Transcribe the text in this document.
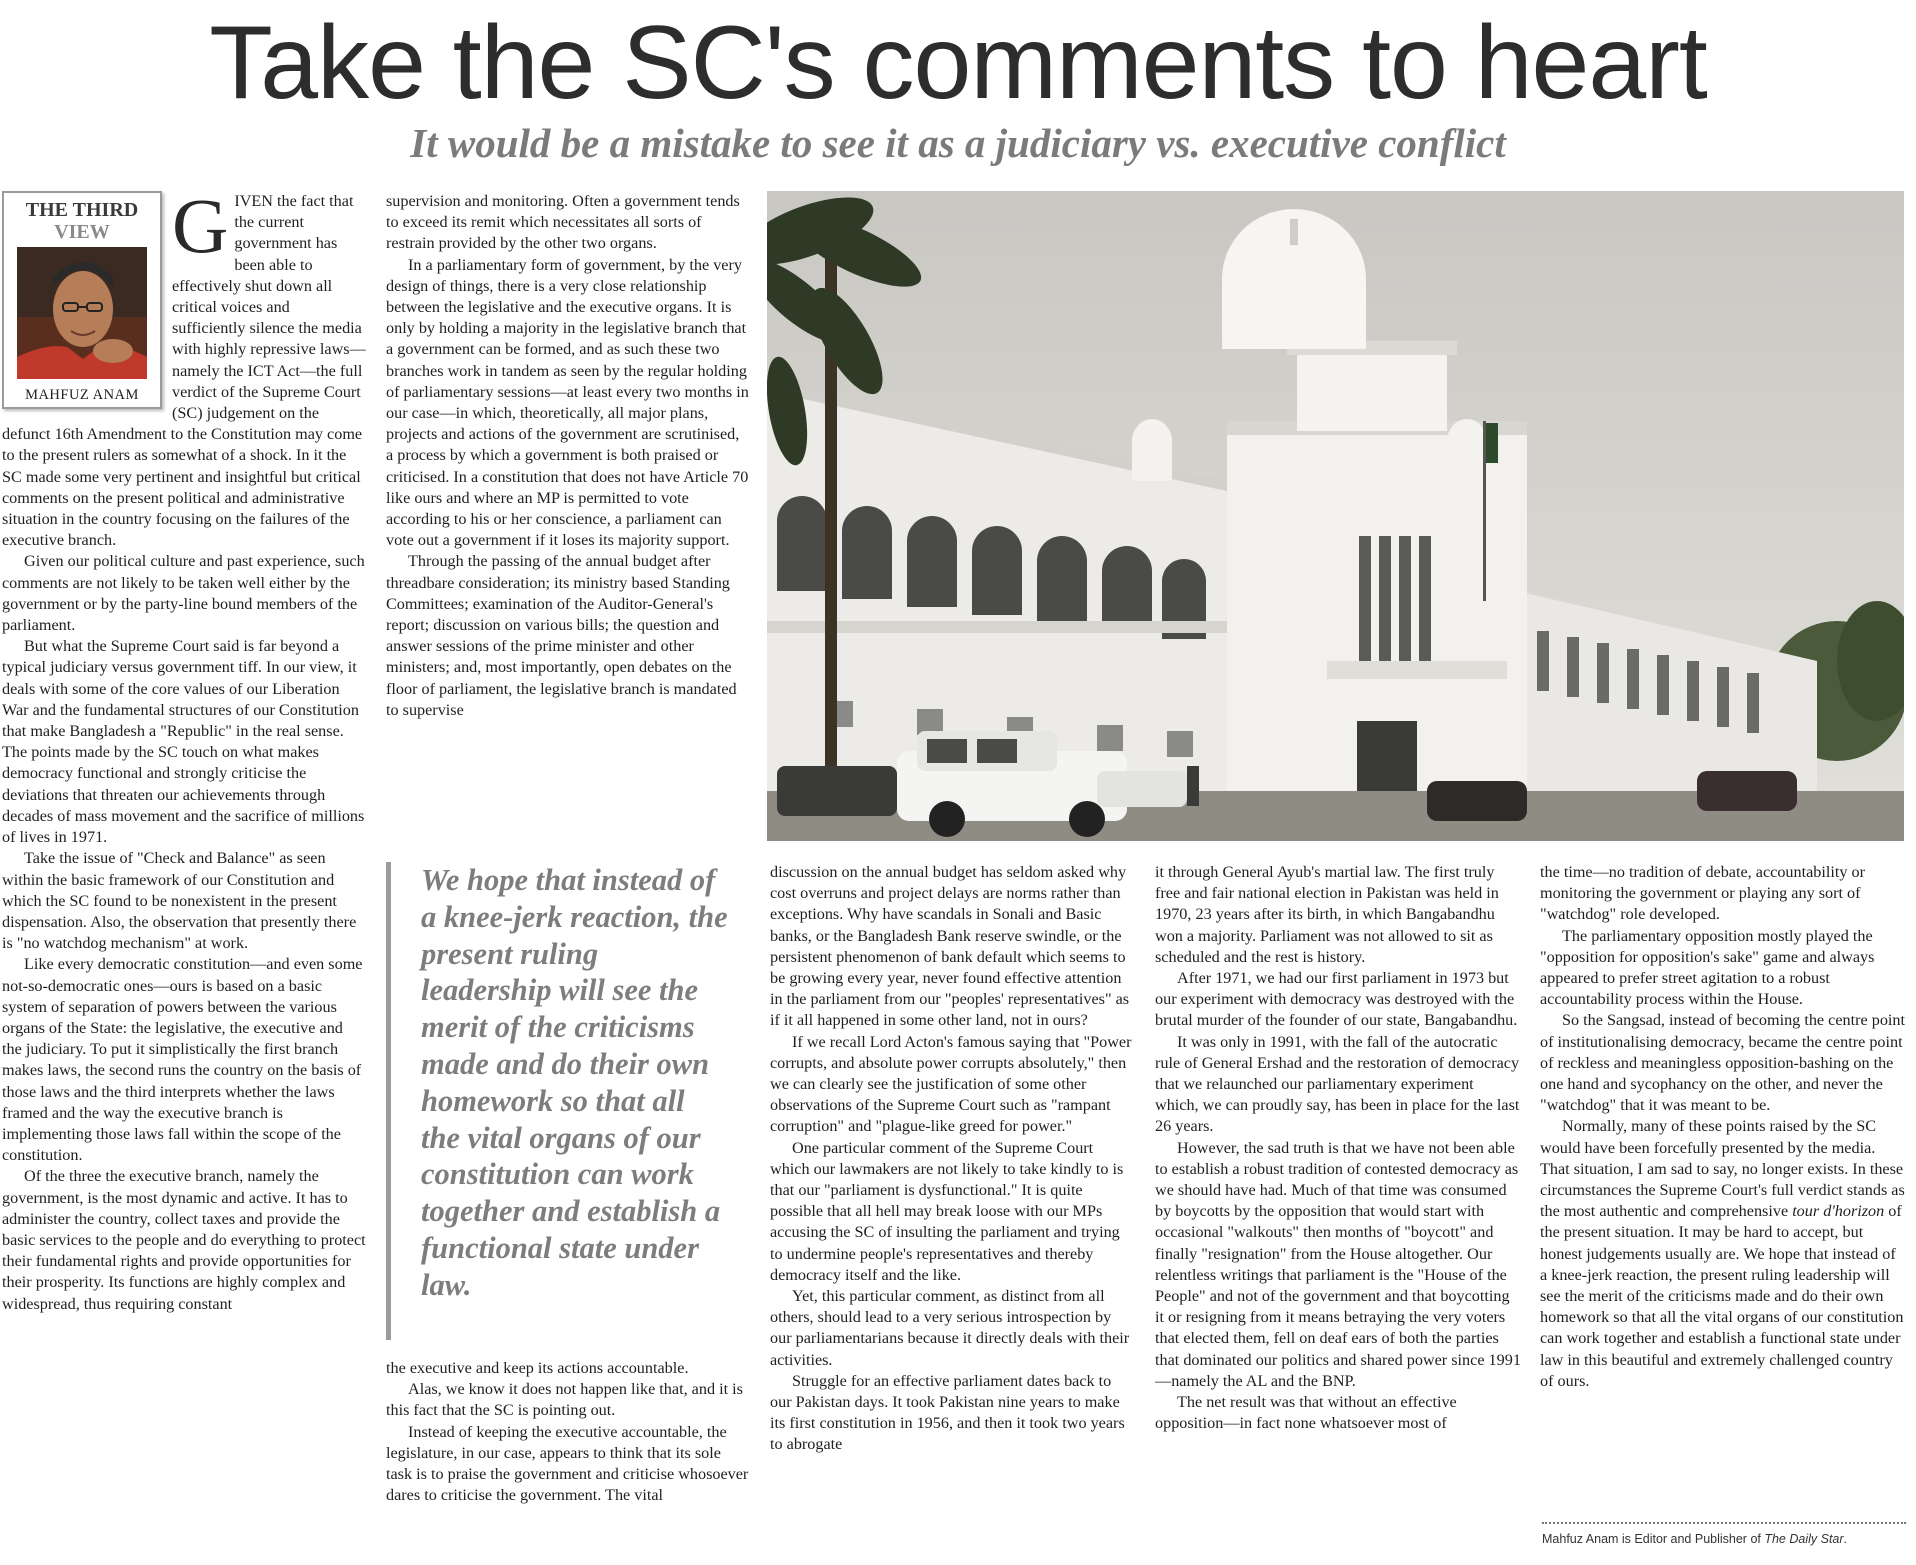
Take the SC's comments to heart
It would be a mistake to see it as a judiciary vs. executive conflict
THE THIRD
VIEW
MAHFUZ ANAM

GIVEN the fact that the current government has been able to effectively shut down all critical voices and sufficiently silence the media with highly repressive laws—namely the ICT Act—the full verdict of the Supreme Court (SC) judgement on the defunct 16th Amendment to the Constitution may come to the present rulers as somewhat of a shock. In it the SC made some very pertinent and insightful but critical comments on the present political and administrative situation in the country focusing on the failures of the executive branch.

Given our political culture and past experience, such comments are not likely to be taken well either by the government or by the party-line bound members of the parliament.

But what the Supreme Court said is far beyond a typical judiciary versus government tiff. In our view, it deals with some of the core values of our Liberation War and the fundamental structures of our Constitution that make Bangladesh a "Republic" in the real sense. The points made by the SC touch on what makes democracy functional and strongly criticise the deviations that threaten our achievements through decades of mass movement and the sacrifice of millions of lives in 1971.

Take the issue of "Check and Balance" as seen within the basic framework of our Constitution and which the SC found to be nonexistent in the present dispensation. Also, the observation that presently there is "no watchdog mechanism" at work.

Like every democratic constitution—and even some not-so-democratic ones—ours is based on a basic system of separation of powers between the various organs of the State: the legislative, the executive and the judiciary. To put it simplistically the first branch makes laws, the second runs the country on the basis of those laws and the third interprets whether the laws framed and the way the executive branch is implementing those laws fall within the scope of the constitution.

Of the three the executive branch, namely the government, is the most dynamic and active. It has to administer the country, collect taxes and provide the basic services to the people and do everything to protect their fundamental rights and provide opportunities for their prosperity. Its functions are highly complex and widespread, thus requiring constant

supervision and monitoring. Often a government tends to exceed its remit which necessitates all sorts of restrain provided by the other two organs.

In a parliamentary form of government, by the very design of things, there is a very close relationship between the legislative and the executive organs. It is only by holding a majority in the legislative branch that a government can be formed, and as such these two branches work in tandem as seen by the regular holding of parliamentary sessions—at least every two months in our case—in which, theoretically, all major plans, projects and actions of the government are scrutinised, a process by which a government is both praised or criticised. In a constitution that does not have Article 70 like ours and where an MP is permitted to vote according to his or her conscience, a parliament can vote out a government if it loses its majority support.

Through the passing of the annual budget after threadbare consideration; its ministry based Standing Committees; examination of the Auditor-General's report; discussion on various bills; the question and answer sessions of the prime minister and other ministers; and, most importantly, open debates on the floor of parliament, the legislative branch is mandated to supervise

We hope that instead of a knee-jerk reaction, the present ruling leadership will see the merit of the criticisms made and do their own homework so that all the vital organs of our constitution can work together and establish a functional state under law.

the executive and keep its actions accountable.

Alas, we know it does not happen like that, and it is this fact that the SC is pointing out.

Instead of keeping the executive accountable, the legislature, in our case, appears to think that its sole task is to praise the government and criticise whosoever dares to criticise the government. The vital

discussion on the annual budget has seldom asked why cost overruns and project delays are norms rather than exceptions. Why have scandals in Sonali and Basic banks, or the Bangladesh Bank reserve swindle, or the persistent phenomenon of bank default which seems to be growing every year, never found effective attention in the parliament from our "peoples' representatives" as if it all happened in some other land, not in ours?

If we recall Lord Acton's famous saying that "Power corrupts, and absolute power corrupts absolutely," then we can clearly see the justification of some other observations of the Supreme Court such as "rampant corruption" and "plague-like greed for power."

One particular comment of the Supreme Court which our lawmakers are not likely to take kindly to is that our "parliament is dysfunctional." It is quite possible that all hell may break loose with our MPs accusing the SC of insulting the parliament and trying to undermine people's representatives and thereby democracy itself and the like.

Yet, this particular comment, as distinct from all others, should lead to a very serious introspection by our parliamentarians because it directly deals with their activities.

Struggle for an effective parliament dates back to our Pakistan days. It took Pakistan nine years to make its first constitution in 1956, and then it took two years to abrogate

it through General Ayub's martial law. The first truly free and fair national election in Pakistan was held in 1970, 23 years after its birth, in which Bangabandhu won a majority. Parliament was not allowed to sit as scheduled and the rest is history.

After 1971, we had our first parliament in 1973 but our experiment with democracy was destroyed with the brutal murder of the founder of our state, Bangabandhu.

It was only in 1991, with the fall of the autocratic rule of General Ershad and the restoration of democracy that we relaunched our parliamentary experiment which, we can proudly say, has been in place for the last 26 years.

However, the sad truth is that we have not been able to establish a robust tradition of contested democracy as we should have had. Much of that time was consumed by boycotts by the opposition that would start with occasional "walkouts" then months of "boycott" and finally "resignation" from the House altogether. Our relentless writings that parliament is the "House of the People" and not of the government and that boycotting it or resigning from it means betraying the very voters that elected them, fell on deaf ears of both the parties that dominated our politics and shared power since 1991—namely the AL and the BNP.

The net result was that without an effective opposition—in fact none whatsoever most of

the time—no tradition of debate, accountability or monitoring the government or playing any sort of "watchdog" role developed.

The parliamentary opposition mostly played the "opposition for opposition's sake" game and always appeared to prefer street agitation to a robust accountability process within the House.

So the Sangsad, instead of becoming the centre point of institutionalising democracy, became the centre point of reckless and meaningless opposition-bashing on the one hand and sycophancy on the other, and never the "watchdog" that it was meant to be.

Normally, many of these points raised by the SC would have been forcefully presented by the media. That situation, I am sad to say, no longer exists. In these circumstances the Supreme Court's full verdict stands as the most authentic and comprehensive tour d'horizon of the present situation. It may be hard to accept, but honest judgements usually are. We hope that instead of a knee-jerk reaction, the present ruling leadership will see the merit of the criticisms made and do their own homework so that all the vital organs of our constitution can work together and establish a functional state under law in this beautiful and extremely challenged country of ours.

Mahfuz Anam is Editor and Publisher of The Daily Star.
